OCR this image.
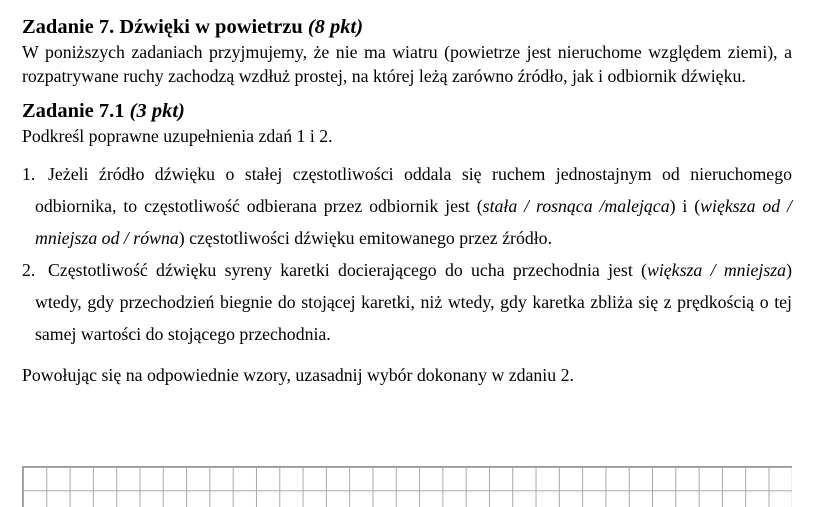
Zadanie 7. Dźwięki w powietrzu (8 pkt)

W poniższych zadaniach przyjmujemy, że nie ma wiatru (powietrze jest nieruchome względem ziemi), a rozpatrywane ruchy zachodzą wzdłuż prostej, na której leżą zarówno źródło, jak i odbiornik dźwięku.

Zadanie 7.1 (3 pkt)

Podkreśl poprawne uzupełnienia zdań 1 i 2.

1. Jeżeli źródło dźwięku o stałej częstotliwości oddala się ruchem jednostajnym od nieruchomego odbiornika, to częstotliwość odbierana przez odbiornik jest (stała / rosnąca /malejąca) i (większa od / mniejsza od / równa) częstotliwości dźwięku emitowanego przez źródło.
2. Częstotliwość dźwięku syreny karetki docierającego do ucha przechodnia jest (większa / mniejsza) wtedy, gdy przechodzień biegnie do stojącej karetki, niż wtedy, gdy karetka zbliża się z prędkością o tej samej wartości do stojącego przechodnia.

Powołując się na odpowiednie wzory, uzasadnij wybór dokonany w zdaniu 2.
